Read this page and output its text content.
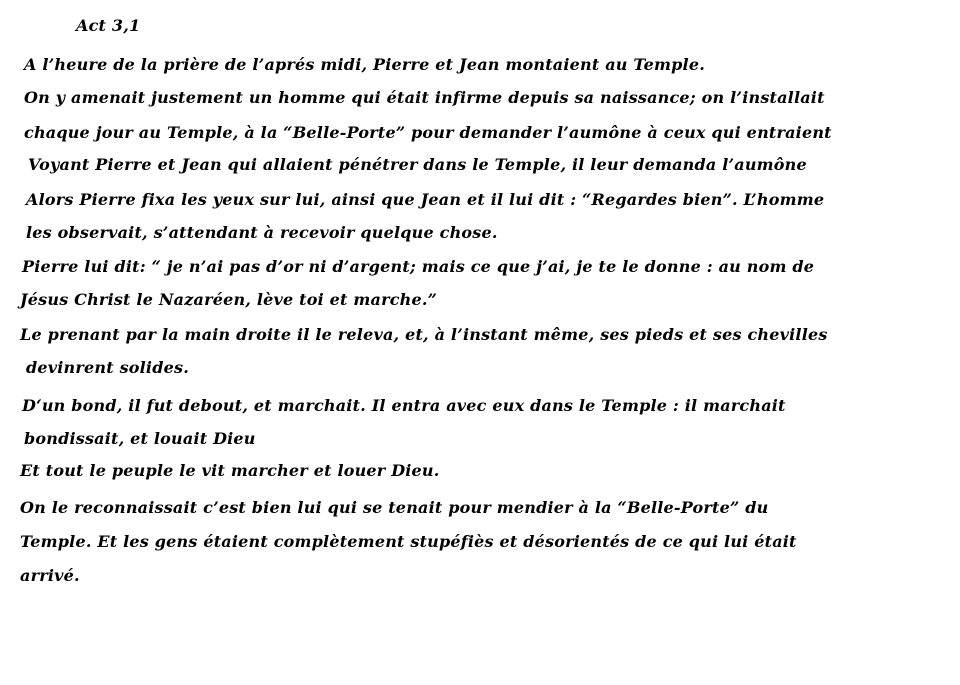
Act 3,1
A l’heure de la prière de l’aprés midi, Pierre et Jean montaient au Temple.
On y amenait justement un homme qui était infirme depuis sa naissance; on l’installait
chaque jour au Temple, à la “Belle-Porte” pour demander l’aumône à ceux qui entraient
Voyant Pierre et Jean qui allaient pénétrer dans le Temple, il leur demanda l’aumône
Alors Pierre fixa les yeux sur lui, ainsi que Jean et il lui dit : “Regardes bien”. L’homme
les observait, s’attendant à recevoir quelque chose.
Pierre lui dit: “ je n’ai pas d’or ni d’argent; mais ce que j’ai, je te le donne : au nom de
Jésus Christ le Nazaréen, lève toi et marche.”
Le prenant par la main droite il le releva, et, à l’instant même, ses pieds et ses chevilles
devinrent solides.
D‘un bond, il fut debout, et marchait. Il entra avec eux dans le Temple : il marchait
bondissait, et louait Dieu
Et tout le peuple le vit marcher et louer Dieu.
On le reconnaissait c’est bien lui qui se tenait pour mendier à la “Belle-Porte” du
Temple. Et les gens étaient complètement stupéfiès et désorientés de ce qui lui était
arrivé.
